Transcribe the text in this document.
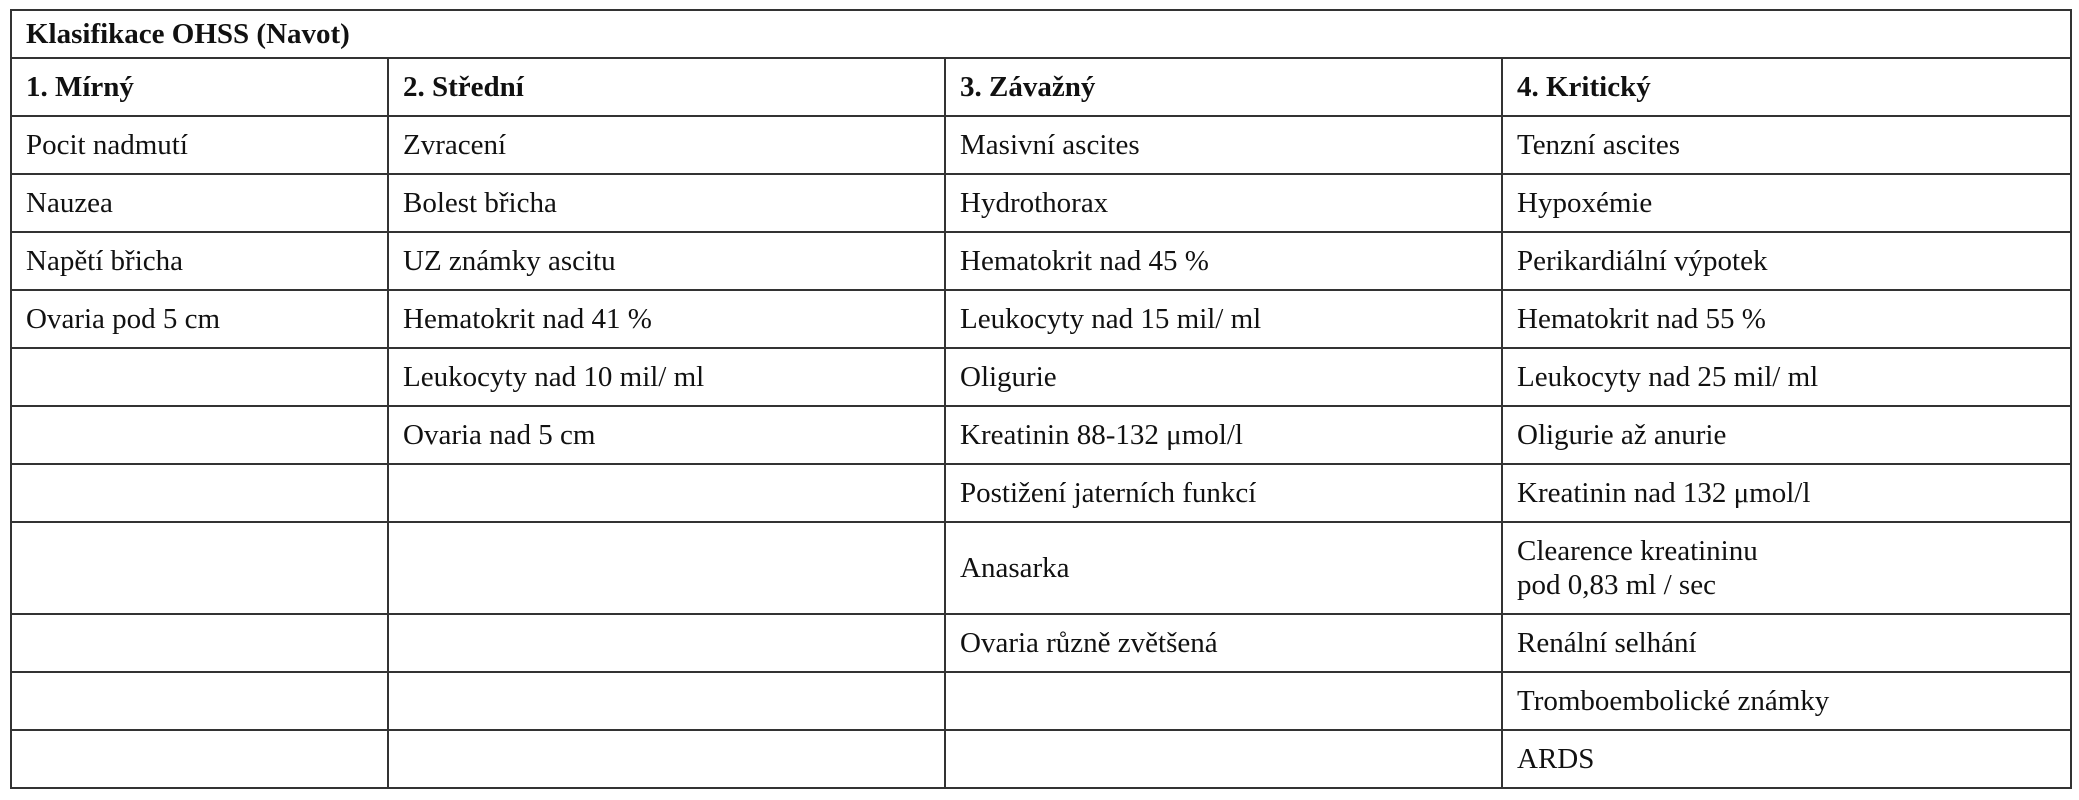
Klasifikace OHSS (Navot)			
1. Mírný	2. Střední	3. Závažný	4. Kritický

Pocit nadmutí	Zvracení	Masivní ascites	Tenzní ascites

Nauzea	Bolest břicha	Hydrothorax	Hypoxémie

Napětí břicha	UZ známky ascitu	Hematokrit nad 45 %	Perikardiální výpotek

Ovaria pod 5 cm	Hematokrit nad 41 %	Leukocyty nad 15 mil/ ml	Hematokrit nad 55 %

	Leukocyty nad 10 mil/ ml	Oligurie	Leukocyty nad 25 mil/ ml

	Ovaria nad 5 cm	Kreatinin 88-132 μmol/l	Oligurie až anurie

		Postižení jaterních funkcí	Kreatinin nad 132 μmol/l

		Anasarka	Clearence kreatininu
pod 0,83 ml / sec

		Ovaria různě zvětšená	Renální selhání

			Tromboembolické známky

			ARDS
